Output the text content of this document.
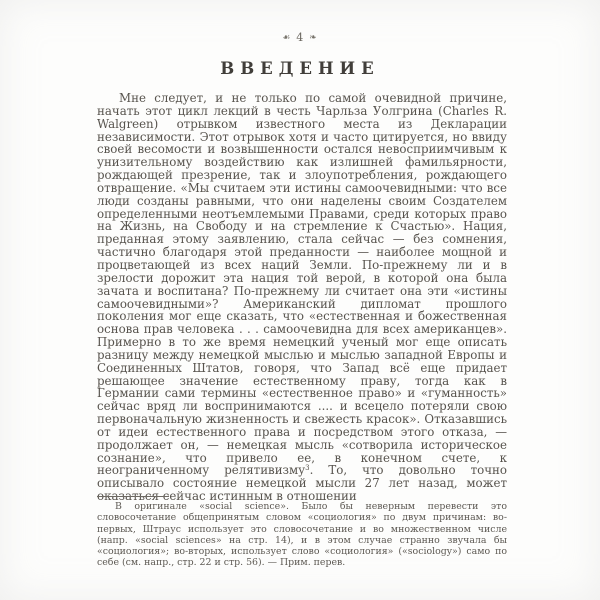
☙ 4 ❧
ВВЕДЕНИЕ
Мне следует, и не только по самой очевидной причине, начать этот цикл лекций в честь Чарльза Уолгрина (Charles R. Walgreen) отрывком известного места из Декларации независимости. Этот отрывок хотя и часто цитируется, но ввиду своей весомости и возвышенности остался невосприимчивым к унизительному воздействию как излишней фамильярности, рождающей презрение, так и злоупотребления, рождающего отвращение. «Мы считаем эти истины самоочевидными: что все люди созданы равными, что они наделены своим Создателем определенными неотъемлемыми Правами, среди которых право на Жизнь, на Свободу и на стремление к Счастью». Нация, преданная этому заявлению, стала сейчас — без сомнения, частично благодаря этой преданности — наиболее мощной и процветающей из всех наций Земли. По-прежнему ли и в зрелости дорожит эта нация той верой, в которой она была зачата и воспитана? По-прежнему ли считает она эти «истины самоочевидными»? Американский дипломат прошлого поколения мог еще сказать, что «естественная и божественная основа прав человека . . . самоочевидна для всех американцев». Примерно в то же время немецкий ученый мог еще описать разницу между немецкой мыслью и мыслью западной Европы и Соединенных Штатов, говоря, что Запад всё еще придает решающее значение естественному праву, тогда как в Германии сами термины «естественное право» и «гуманность» сейчас вряд ли воспринимаются .... и всецело потеряли свою первоначальную жизненность и свежесть красок». Отказавшись от идеи естественного права и посредством этого отказа, — продолжает он, — немецкая мысль «сотворила историческое сознание», что привело ее, в конечном счете, к неограниченному релятивизму$^3$. То, что довольно точно описывало состояние немецкой мысли 27 лет назад, может оказаться сейчас истинным в отношении
В оригинале «social science». Было бы неверным перевести это словосочетание общепринятым словом «социология» по двум причинам: во-первых, Штраус использует это словосочетание и во множественном числе (напр. «social sciences» на стр. 14), и в этом случае странно звучала бы «социология»; во-вторых, использует слово «социология» («sociology») само по себе (см. напр., стр. 22 и стр. 56). — Прим. перев.
